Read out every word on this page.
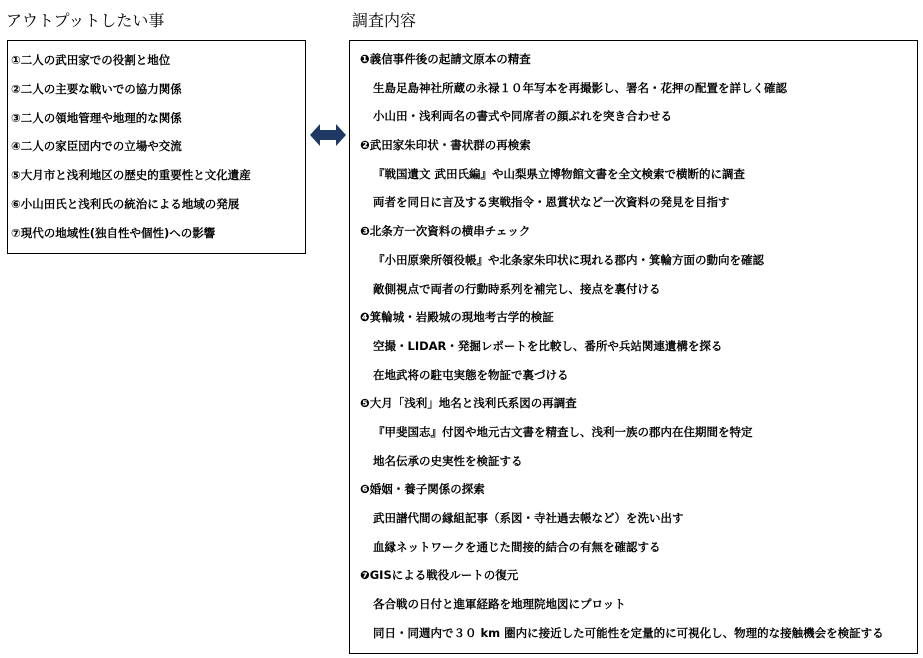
アウトプットしたい事
①二人の武田家での役割と地位
②二人の主要な戦いでの協力関係
③二人の領地管理や地理的な関係
④二人の家臣団内での立場や交流
⑤大月市と浅利地区の歴史的重要性と文化遺産
⑥小山田氏と浅利氏の統治による地域の発展
⑦現代の地域性(独自性や個性)への影響
調査内容
❶義信事件後の起請文原本の精査
生島足島神社所蔵の永禄１０年写本を再撮影し、署名・花押の配置を詳しく確認
小山田・浅利両名の書式や同席者の顔ぶれを突き合わせる
❷武田家朱印状・書状群の再検索
『戦国遺文 武田氏編』や山梨県立博物館文書を全文検索で横断的に調査
両者を同日に言及する実戦指令・恩賞状など一次資料の発見を目指す
❸北条方一次資料の横串チェック
『小田原衆所領役帳』や北条家朱印状に現れる郡内・箕輪方面の動向を確認
敵側視点で両者の行動時系列を補完し、接点を裏付ける
❹箕輪城・岩殿城の現地考古学的検証
空撮・LIDAR・発掘レポートを比較し、番所や兵站関連遺構を探る
在地武将の駐屯実態を物証で裏づける
❺大月「浅利」地名と浅利氏系図の再調査
『甲斐国志』付図や地元古文書を精査し、浅利一族の郡内在住期間を特定
地名伝承の史実性を検証する
❻婚姻・養子関係の探索
武田譜代間の縁組記事（系図・寺社過去帳など）を洗い出す
血縁ネットワークを通じた間接的結合の有無を確認する
❼GISによる戦役ルートの復元
各合戦の日付と進軍経路を地理院地図にプロット
同日・同週内で３０ km 圏内に接近した可能性を定量的に可視化し、物理的な接触機会を検証する
